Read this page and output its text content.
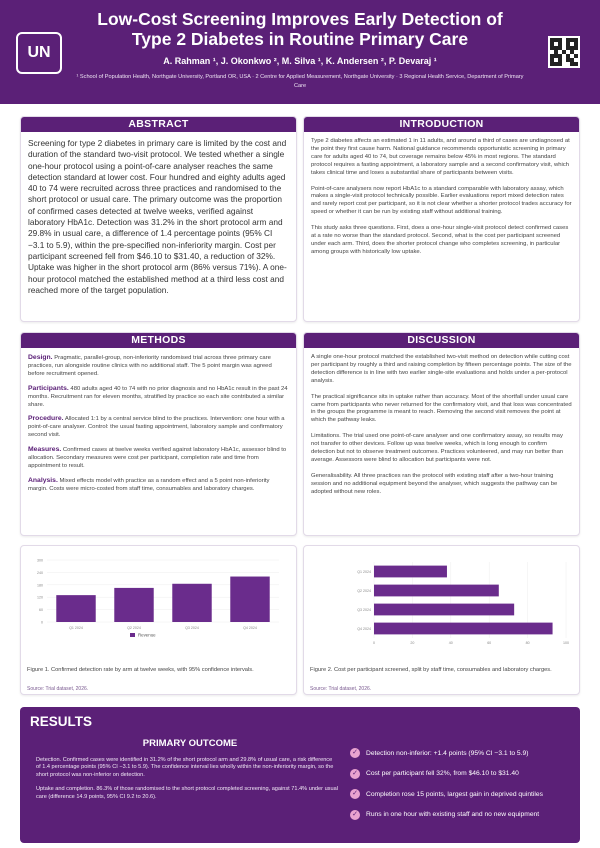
UN
Low-Cost Screening Improves Early Detection of Type 2 Diabetes in Routine Primary Care
A. Rahman ¹, J. Okonkwo ², M. Silva ¹, K. Andersen ², P. Devaraj ¹
¹ School of Population Health, Northgate University, Portland OR, USA · 2 Centre for Applied Measurement, Northgate University · 3 Regional Health Service, Department of Primary Care
ABSTRACT
Screening for type 2 diabetes in primary care is limited by the cost and duration of the standard two-visit protocol. We tested whether a single one-hour protocol using a point-of-care analyser reaches the same detection standard at lower cost. Four hundred and eighty adults aged 40 to 74 were recruited across three practices and randomised to the short protocol or usual care. The primary outcome was the proportion of confirmed cases detected at twelve weeks, verified against laboratory HbA1c. Detection was 31.2% in the short protocol arm and 29.8% in usual care, a difference of 1.4 percentage points (95% CI −3.1 to 5.9), within the pre-specified non-inferiority margin. Cost per participant screened fell from $46.10 to $31.40, a reduction of 32%. Uptake was higher in the short protocol arm (86% versus 71%). A one-hour protocol matched the established method at a third less cost and reached more of the target population.
INTRODUCTION

Type 2 diabetes affects an estimated 1 in 11 adults, and around a third of cases are undiagnosed at the point they first cause harm. National guidance recommends opportunistic screening in primary care for adults aged 40 to 74, but coverage remains below 45% in most regions. The standard protocol requires a fasting appointment, a laboratory sample and a second confirmatory visit, which takes clinical time and loses a substantial share of participants between visits.

Point-of-care analysers now report HbA1c to a standard comparable with laboratory assay, which makes a single-visit protocol technically possible. Earlier evaluations report mixed detection rates and rarely report cost per participant, so it is not clear whether a shorter protocol trades accuracy for speed or whether it can be run by existing staff without additional training.

This study asks three questions. First, does a one-hour single-visit protocol detect confirmed cases at a rate no worse than the standard protocol. Second, what is the cost per participant screened under each arm. Third, does the shorter protocol change who completes screening, in particular among groups with historically low uptake.

METHODS

Design. Pragmatic, parallel-group, non-inferiority randomised trial across three primary care practices, run alongside routine clinics with no additional staff. The 5 point margin was agreed before recruitment opened.

Participants. 480 adults aged 40 to 74 with no prior diagnosis and no HbA1c result in the past 24 months. Recruitment ran for eleven months, stratified by practice so each site contributed a similar share.

Procedure. Allocated 1:1 by a central service blind to the practices. Intervention: one hour with a point-of-care analyser. Control: the usual fasting appointment, laboratory sample and confirmatory second visit.

Measures. Confirmed cases at twelve weeks verified against laboratory HbA1c, assessor blind to allocation. Secondary measures were cost per participant, completion rate and time from appointment to result.

Analysis. Mixed effects model with practice as a random effect and a 5 point non-inferiority margin. Costs were micro-costed from staff time, consumables and laboratory charges.

DISCUSSION

A single one-hour protocol matched the established two-visit method on detection while cutting cost per participant by roughly a third and raising completion by fifteen percentage points. The size of the detection difference is in line with two earlier single-site evaluations and holds under a per-protocol analysis.

The practical significance sits in uptake rather than accuracy. Most of the shortfall under usual care came from participants who never returned for the confirmatory visit, and that loss was concentrated in the groups the programme is meant to reach. Removing the second visit removes the point at which the pathway leaks.

Limitations. The trial used one point-of-care analyser and one confirmatory assay, so results may not transfer to other devices. Follow up was twelve weeks, which is long enough to confirm detection but not to observe treatment outcomes. Practices volunteered, and may run better than average. Assessors were blind to allocation but participants were not.

Generalisability. All three practices ran the protocol with existing staff after a two-hour training session and no additional equipment beyond the analyser, which suggests the pathway can be adopted without new roles.

0
60
120
180
240
300
Q1 2024	Q2 2024	Q3 2024	Q4 2024
Revenue
Figure 1. Confirmed detection rate by arm at twelve weeks, with 95% confidence intervals.
Source: Trial dataset, 2026.
0	20	40	60	80	100
Q1 2024
Q2 2024
Q3 2024
Q4 2024
Figure 2. Cost per participant screened, split by staff time, consumables and laboratory charges.
Source: Trial dataset, 2026.
RESULTS
PRIMARY OUTCOME

Detection. Confirmed cases were identified in 31.2% of the short protocol arm and 29.8% of usual care, a risk difference of 1.4 percentage points (95% CI −3.1 to 5.9). The confidence interval lies wholly within the non-inferiority margin, so the short protocol was non-inferior on detection.

Uptake and completion. 86.3% of those randomised to the short protocol completed screening, against 71.4% under usual care (difference 14.9 points, 95% CI 9.2 to 20.6).

✓	Detection non-inferior: +1.4 points (95% CI −3.1 to 5.9)
✓	Cost per participant fell 32%, from $46.10 to $31.40
✓	Completion rose 15 points, largest gain in deprived quintiles
✓	Runs in one hour with existing staff and no new equipment
